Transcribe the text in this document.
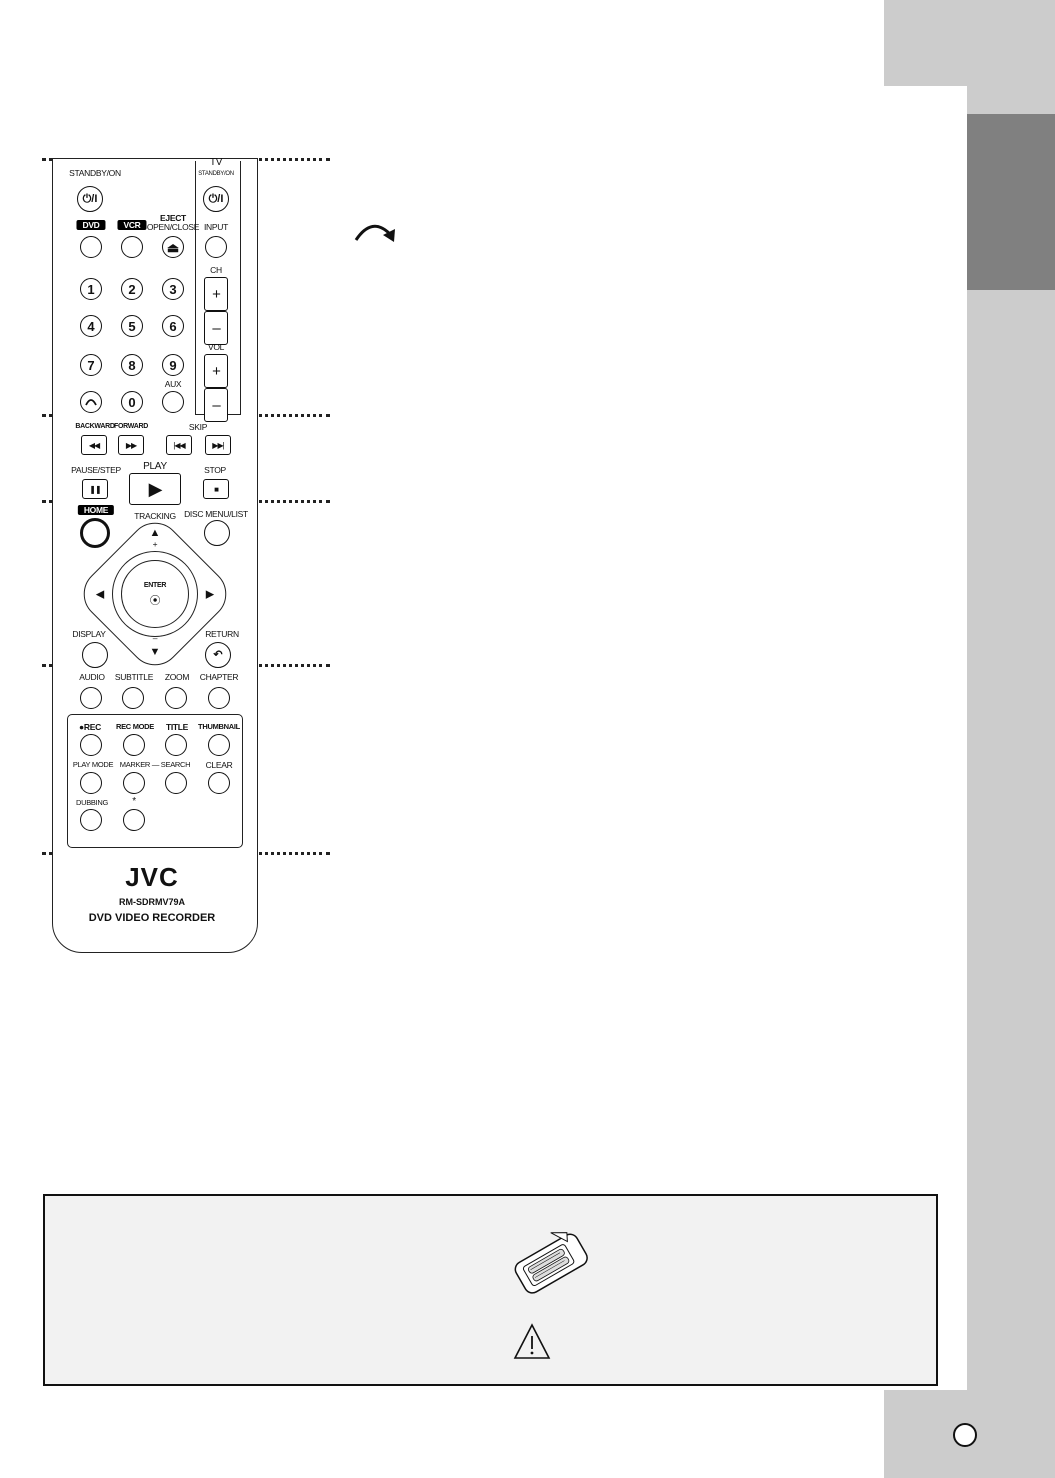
STANDBY/ON
⏻/I
TV
STANDBY/ON
⏻/I
DVD	VCR
EJECT
OPEN/CLOSE INPUT
⏏
CH
+
–
VOL
+
–
1	2	3
4	5	6
7	8	9
0
AUX
BACKWARD FORWARD	SKIP
◀◀	▶▶	|◀◀	▶▶|
PAUSE/STEP PLAY	STOP
❚❚	▶	■
HOME
TRACKING DISC MENU/LIST
▲
+
▼
–
◀	▶
ENTER
⦿
DISPLAY	RETURN
↶
AUDIO SUBTITLE ZOOM CHAPTER
●REC REC MODE TITLE THUMBNAIL
PLAY MODE MARKER — SEARCH CLEAR
DUBBING *
JVC
RM-SDRMV79A
DVD VIDEO RECORDER
